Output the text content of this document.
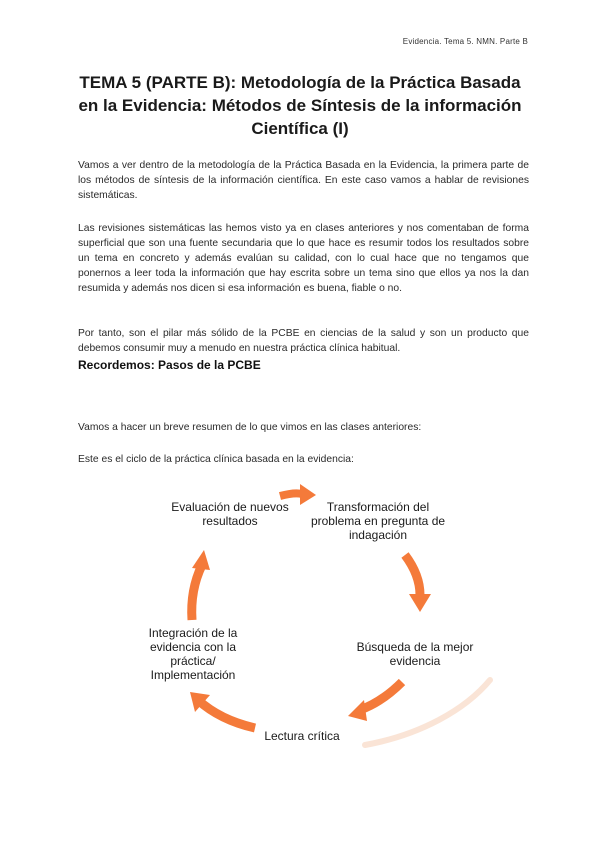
Evidencia. Tema 5. NMN. Parte B
TEMA 5 (PARTE B): Metodología de la Práctica Basada en la Evidencia: Métodos de Síntesis de la información Científica (I)

Vamos a ver dentro de la metodología de la Práctica Basada en la Evidencia, la primera parte de los métodos de síntesis de la información científica. En este caso vamos a hablar de revisiones sistemáticas.

Las revisiones sistemáticas las hemos visto ya en clases anteriores y nos comentaban de forma superficial que son una fuente secundaria que lo que hace es resumir todos los resultados sobre un tema en concreto y además evalúan su calidad, con lo cual hace que no tengamos que ponernos a leer toda la información que hay escrita sobre un tema sino que ellos ya nos la dan resumida y además nos dicen si esa información es buena, fiable o no.

Por tanto, son el pilar más sólido de la PCBE en ciencias de la salud y son un producto que debemos consumir muy a menudo en nuestra práctica clínica habitual.

Recordemos: Pasos de la PCBE

Vamos a hacer un breve resumen de lo que vimos en las clases anteriores:

Este es el ciclo de la práctica clínica basada en la evidencia:

Evaluación de nuevos resultados
Transformación del problema en pregunta de indagación
Búsqueda de la mejor evidencia
Lectura crítica
Integración de la evidencia con la práctica/ Implementación
